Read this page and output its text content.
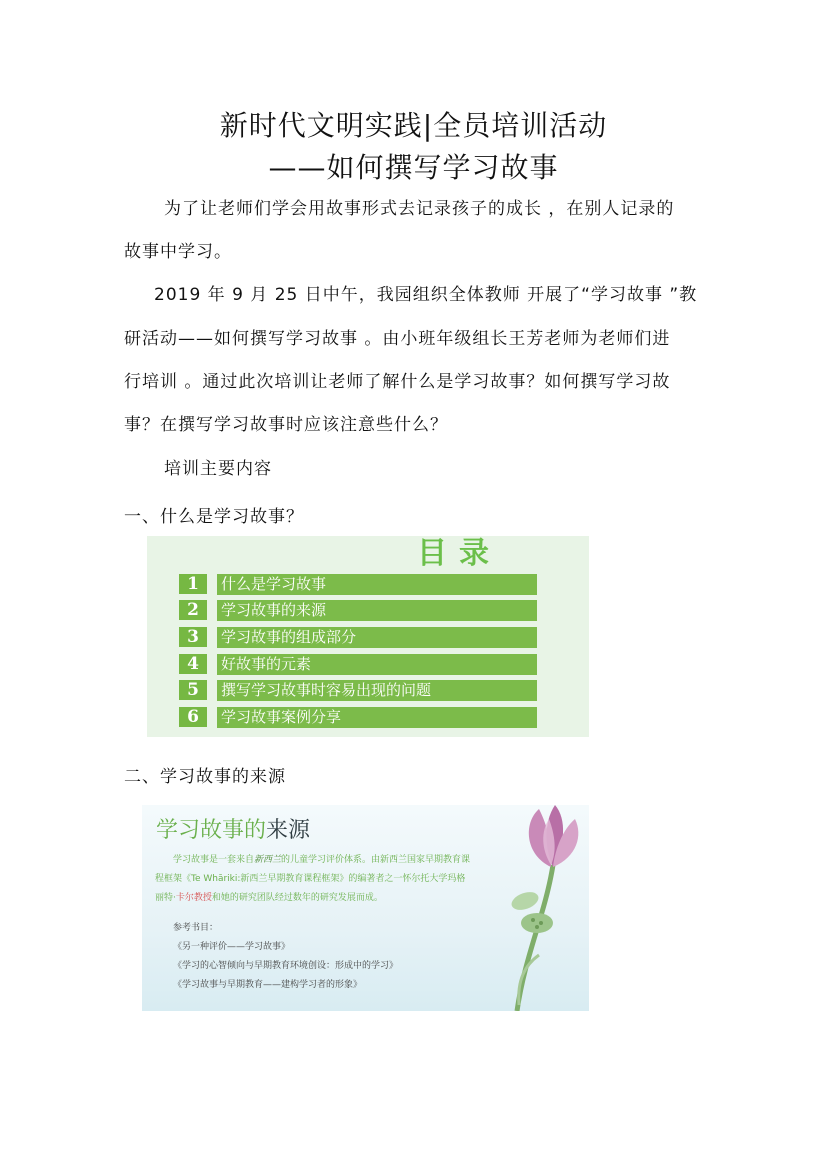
新时代文明实践|全员培训活动
——如何撰写学习故事
为了让老师们学会用故事形式去记录孩子的成长 ，在别人记录的
故事中学习。
2019 年 9 月 25 日中午，我园组织全体教师 开展了“学习故事 ”教
研活动——如何撰写学习故事 。由小班年级组长王芳老师为老师们进
行培训 。通过此次培训让老师了解什么是学习故事？如何撰写学习故
事？在撰写学习故事时应该注意些什么？
培训主要内容
一、什么是学习故事？
目录
1	什么是学习故事
2	学习故事的来源
3	学习故事的组成部分
4	好故事的元素
5	撰写学习故事时容易出现的问题
6	学习故事案例分享
二、学习故事的来源
学习故事的来源
学习故事是一套来自新西兰的儿童学习评价体系。由新西兰国家早期教育课
程框架《Te Whāriki:新西兰早期教育课程框架》的编著者之一怀尔托大学玛格
丽特·卡尔教授和她的研究团队经过数年的研究发展而成。
参考书目：
《另一种评价——学习故事》
《学习的心智倾向与早期教育环境创设：形成中的学习》
《学习故事与早期教育——建构学习者的形象》
